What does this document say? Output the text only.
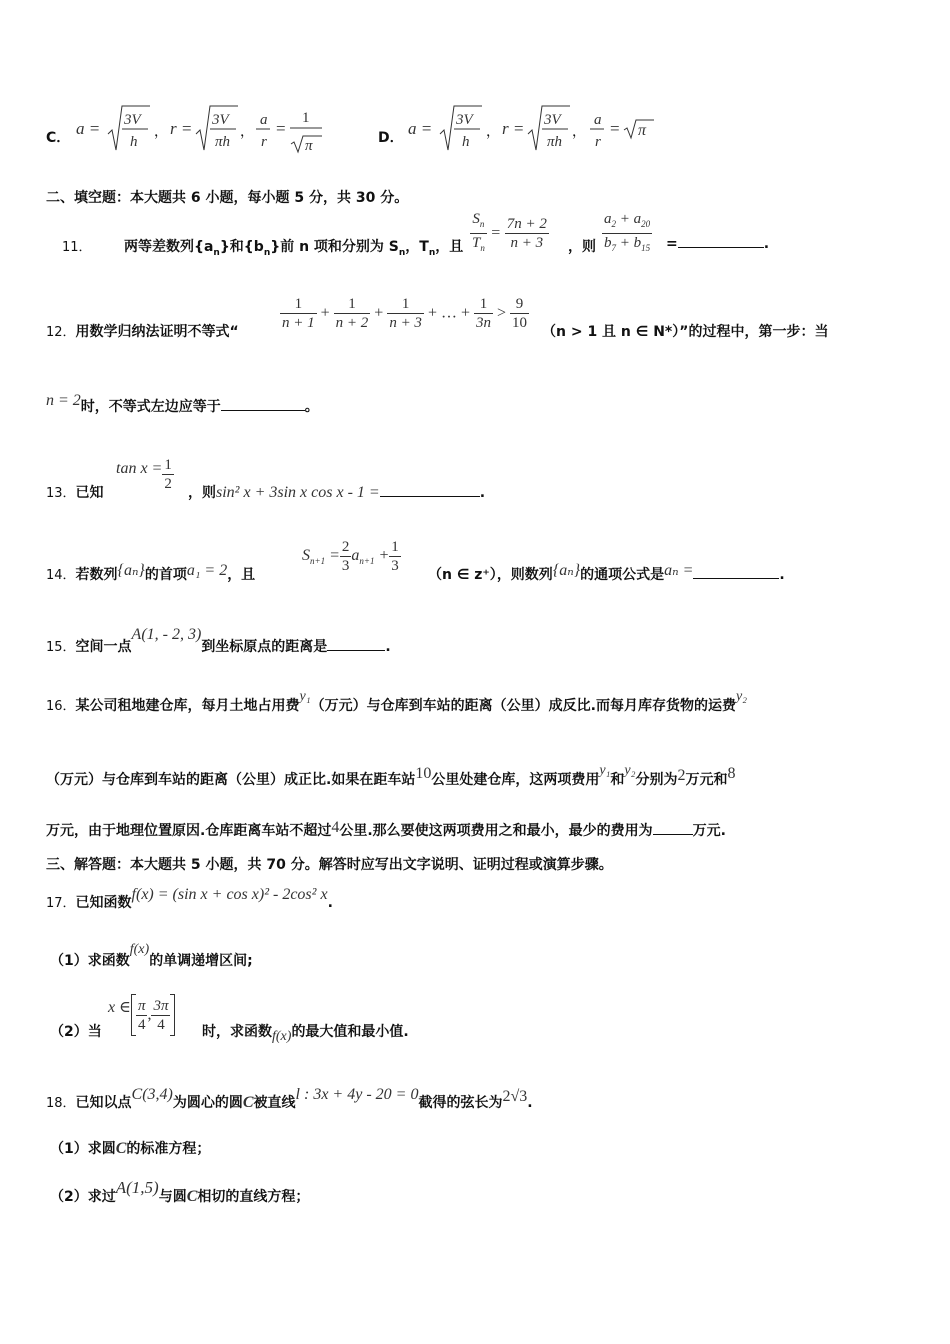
C． a = 3V
h
， r = 3V
πh
，
a
r
=
1
π	D． a = 3V
h
， r = 3V
πh
，
a
r
= π
二、填空题：本大题共 6 小题，每小题 5 分，共 30 分。
11． 两等差数列$\{a_n\}$和$\{b_n\}$前 n 项和分别为 $S_n$，$T_n$，且 $\frac{S_n}{T_n} = \frac{7n + 2}{n + 3}$ ，则 $\frac{a_2 + a_{20}}{b_7 + b_{15}}$ =	.
12．用数学归纳法证明不等式“	$\frac{1}{n + 1} + \frac{1}{n + 2} + \frac{1}{n + 3}$ + … + $\frac{1}{3n} > \frac{9}{10} (n > 1$ 且 n ∈ N*）”的过程中，第一步：当
n = 2时，不等式左边应等于	。
13．已知
$\tan x = \frac{1}{2}$ ，则sin² x + 3sin x cos x - 1 =	.
14．若数列{aₙ}的首项a₁ = 2，且
$S_{n+1} = \frac{2}{3} a_{n+1} + \frac{1}{3} (n$ ∈ z⁺），则数列{aₙ}的通项公式是aₙ =	.
15．空间一点A(1, - 2, 3)到坐标原点的距离是	.
16．某公司租地建仓库，每月土地占用费y₁（万元）与仓库到车站的距离（公里）成反比.而每月库存货物的运费y₂
（万元）与仓库到车站的距离（公里）成正比.如果在距车站10公里处建仓库，这两项费用y₁和y₂分别为2万元和8
万元，由于地理位置原因.仓库距离车站不超过4公里.那么要使这两项费用之和最小，最少的费用为	万元.
三、解答题：本大题共 5 小题，共 70 分。解答时应写出文字说明、证明过程或演算步骤。
17．已知函数f(x) = (sin x + cos x)² - 2cos² x.
（1）求函数f(x)的单调递增区间;
（2）当
x ∈ $\frac{\pi}{4}$ , $\frac{3\pi}{4}$ 时，求函数f(x)的最大值和最小值.
18．已知以点C(3,4)为圆心的圆C被直线l : 3x + 4y - 20 = 0截得的弦长为2√3.
（1）求圆C的标准方程；
（2）求过A(1,5)与圆C相切的直线方程；
